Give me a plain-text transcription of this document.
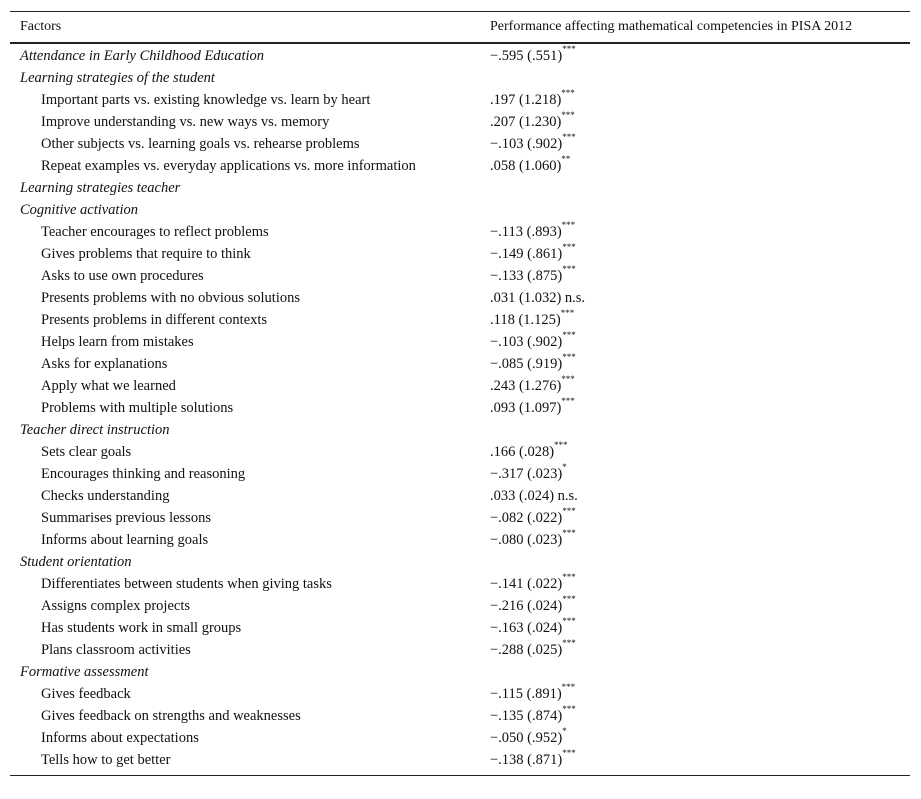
Factors	Performance affecting mathematical competencies in PISA 2012
Attendance in Early Childhood Education	−.595 (.551)***
Learning strategies of the student
Important parts vs. existing knowledge vs. learn by heart	.197 (1.218)***
Improve understanding vs. new ways vs. memory	.207 (1.230)***
Other subjects vs. learning goals vs. rehearse problems	−.103 (.902)***
Repeat examples vs. everyday applications vs. more information	.058 (1.060)**
Learning strategies teacher
Cognitive activation
Teacher encourages to reflect problems	−.113 (.893)***
Gives problems that require to think	−.149 (.861)***
Asks to use own procedures	−.133 (.875)***
Presents problems with no obvious solutions	.031 (1.032) n.s.
Presents problems in different contexts	.118 (1.125)***
Helps learn from mistakes	−.103 (.902)***
Asks for explanations	−.085 (.919)***
Apply what we learned	.243 (1.276)***
Problems with multiple solutions	.093 (1.097)***
Teacher direct instruction
Sets clear goals	.166 (.028)***
Encourages thinking and reasoning	−.317 (.023)*
Checks understanding	.033 (.024) n.s.
Summarises previous lessons	−.082 (.022)***
Informs about learning goals	−.080 (.023)***
Student orientation
Differentiates between students when giving tasks	−.141 (.022)***
Assigns complex projects	−.216 (.024)***
Has students work in small groups	−.163 (.024)***
Plans classroom activities	−.288 (.025)***
Formative assessment
Gives feedback	−.115 (.891)***
Gives feedback on strengths and weaknesses	−.135 (.874)***
Informs about expectations	−.050 (.952)*
Tells how to get better	−.138 (.871)***
